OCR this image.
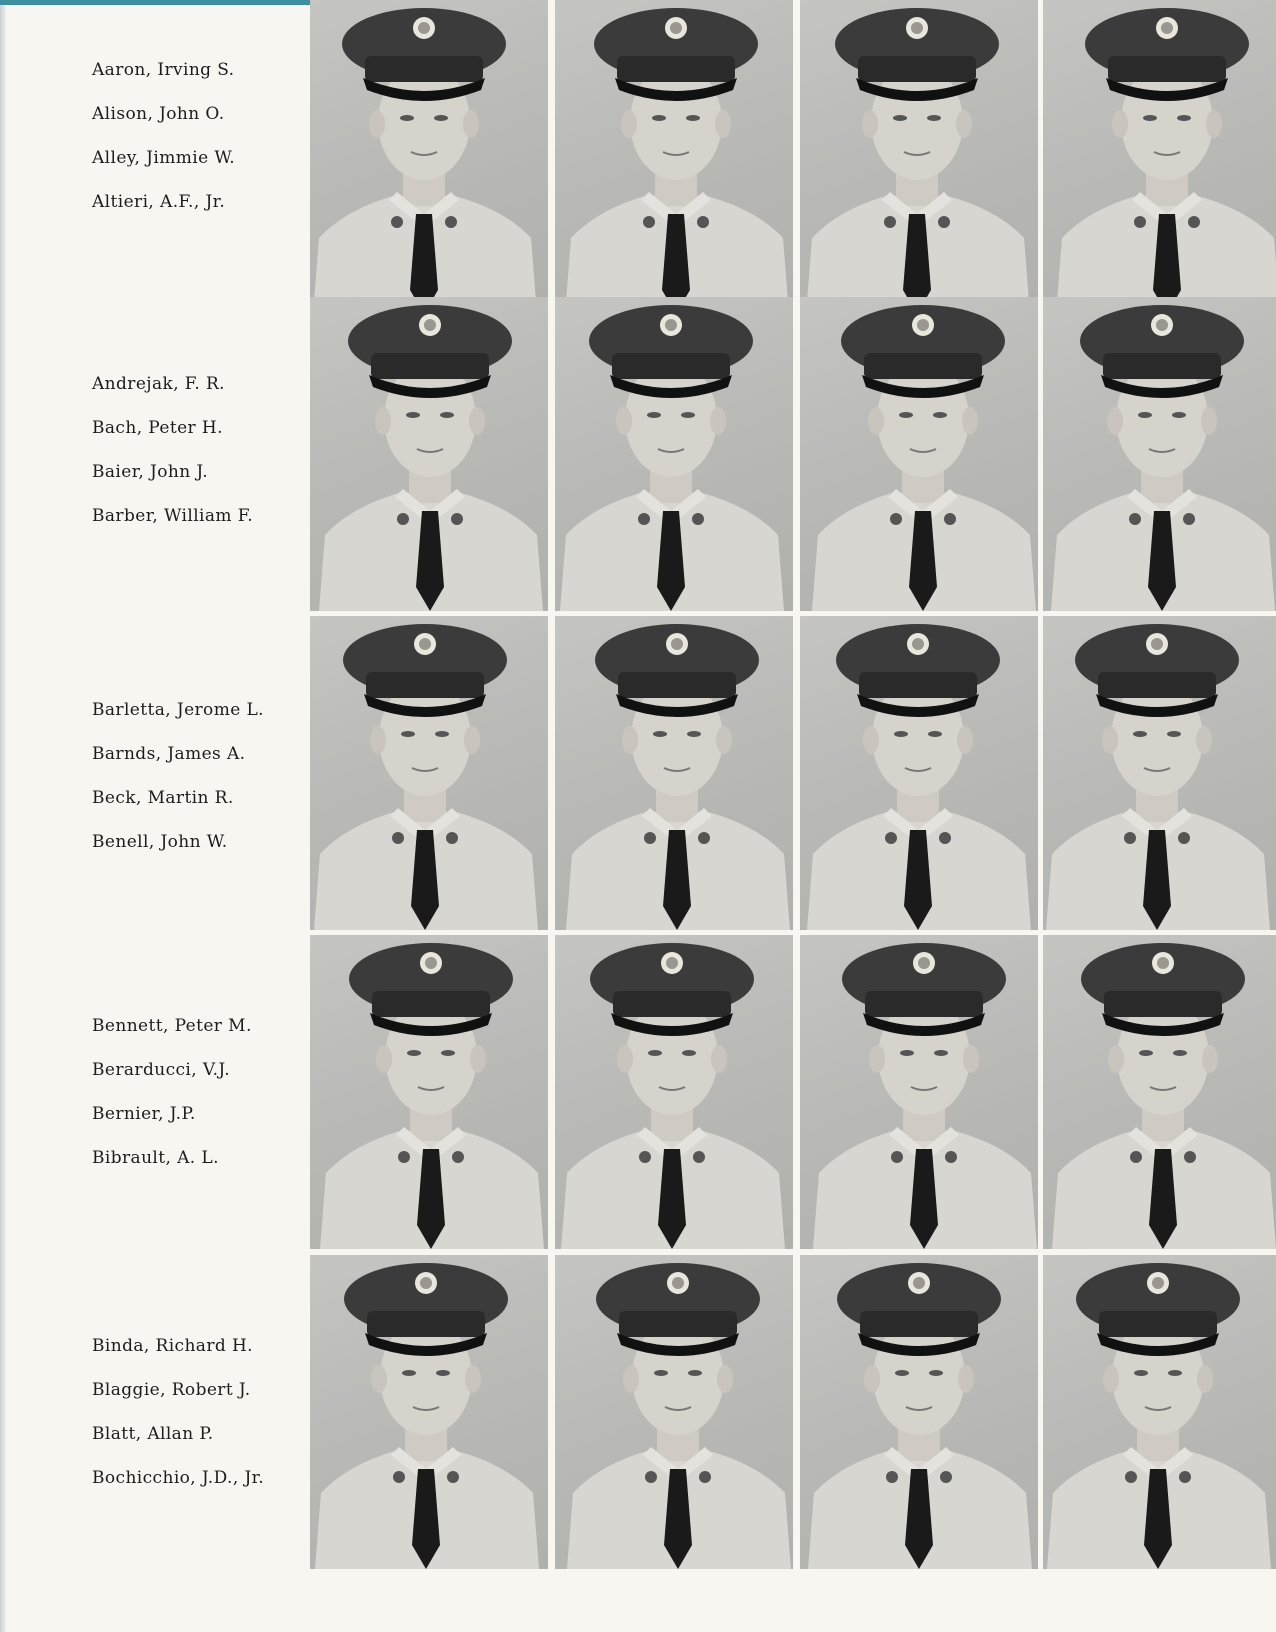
Aaron, Irving S.
Alison, John O.
Alley, Jimmie W.
Altieri, A.F., Jr.
Andrejak, F. R.
Bach, Peter H.
Baier, John J.
Barber, William F.
Barletta, Jerome L.
Barnds, James A.
Beck, Martin R.
Benell, John W.
Bennett, Peter M.
Berarducci, V.J.
Bernier, J.P.
Bibrault, A. L.
Binda, Richard H.
Blaggie, Robert J.
Blatt, Allan P.
Bochicchio, J.D., Jr.
